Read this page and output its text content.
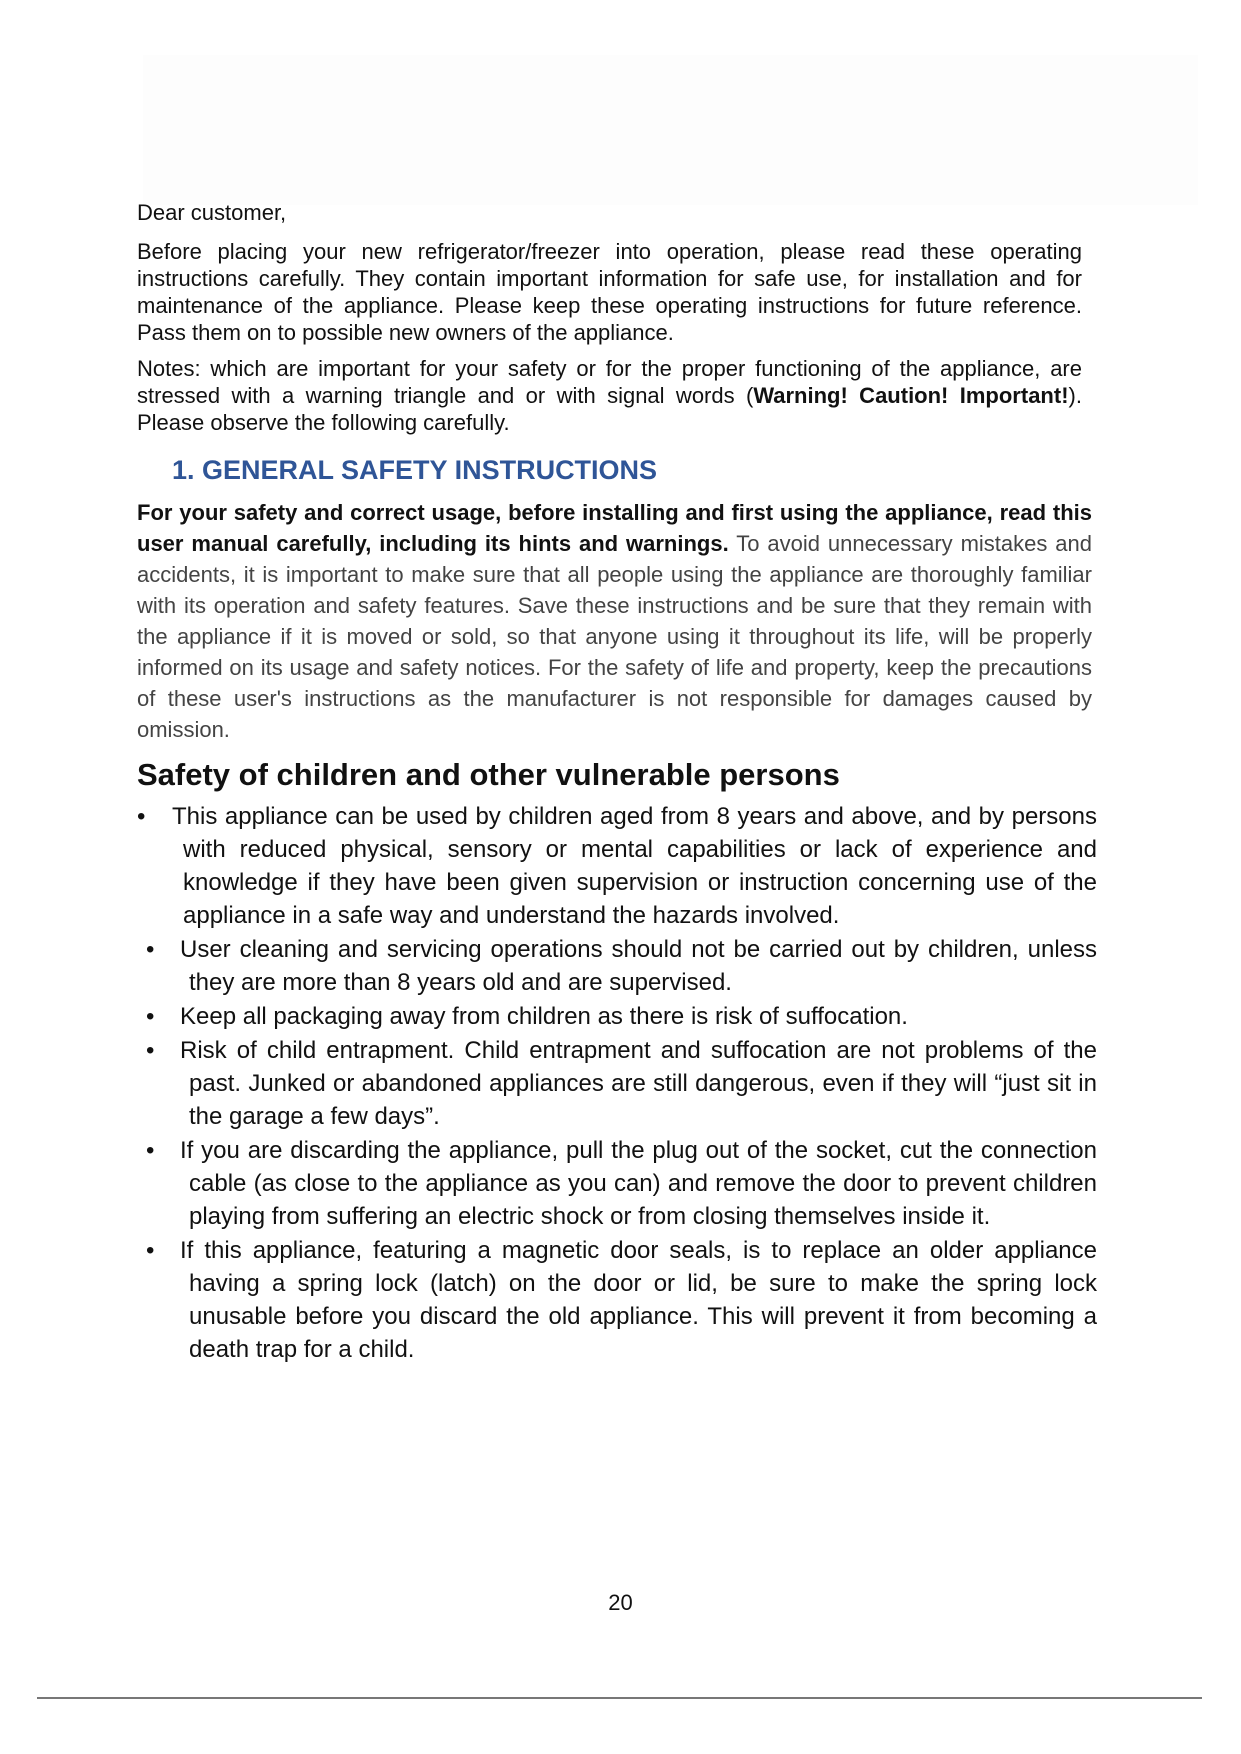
Dear customer,

Before placing your new refrigerator/freezer into operation, please read these operating instructions carefully. They contain important information for safe use, for installation and for maintenance of the appliance. Please keep these operating instructions for future reference. Pass them on to possible new owners of the appliance.

Notes: which are important for your safety or for the proper functioning of the appliance, are stressed with a warning triangle and or with signal words (Warning! Caution! Important!). Please observe the following carefully.

1. GENERAL SAFETY INSTRUCTIONS

For your safety and correct usage, before installing and first using the appliance, read this user manual carefully, including its hints and warnings. To avoid unnecessary mistakes and accidents, it is important to make sure that all people using the appliance are thoroughly familiar with its operation and safety features. Save these instructions and be sure that they remain with the appliance if it is moved or sold, so that anyone using it throughout its life, will be properly informed on its usage and safety notices. For the safety of life and property, keep the precautions of these user's instructions as the manufacturer is not responsible for damages caused by omission.

Safety of children and other vulnerable persons
• This appliance can be used by children aged from 8 years and above, and by persons with reduced physical, sensory or mental capabilities or lack of experience and knowledge if they have been given supervision or instruction concerning use of the appliance in a safe way and understand the hazards involved.
• User cleaning and servicing operations should not be carried out by children, unless they are more than 8 years old and are supervised.
• Keep all packaging away from children as there is risk of suffocation.
• Risk of child entrapment. Child entrapment and suffocation are not problems of the past. Junked or abandoned appliances are still dangerous, even if they will “just sit in the garage a few days”.
• If you are discarding the appliance, pull the plug out of the socket, cut the connection cable (as close to the appliance as you can) and remove the door to prevent children playing from suffering an electric shock or from closing themselves inside it.
• If this appliance, featuring a magnetic door seals, is to replace an older appliance having a spring lock (latch) on the door or lid, be sure to make the spring lock unusable before you discard the old appliance. This will prevent it from becoming a death trap for a child.
20
